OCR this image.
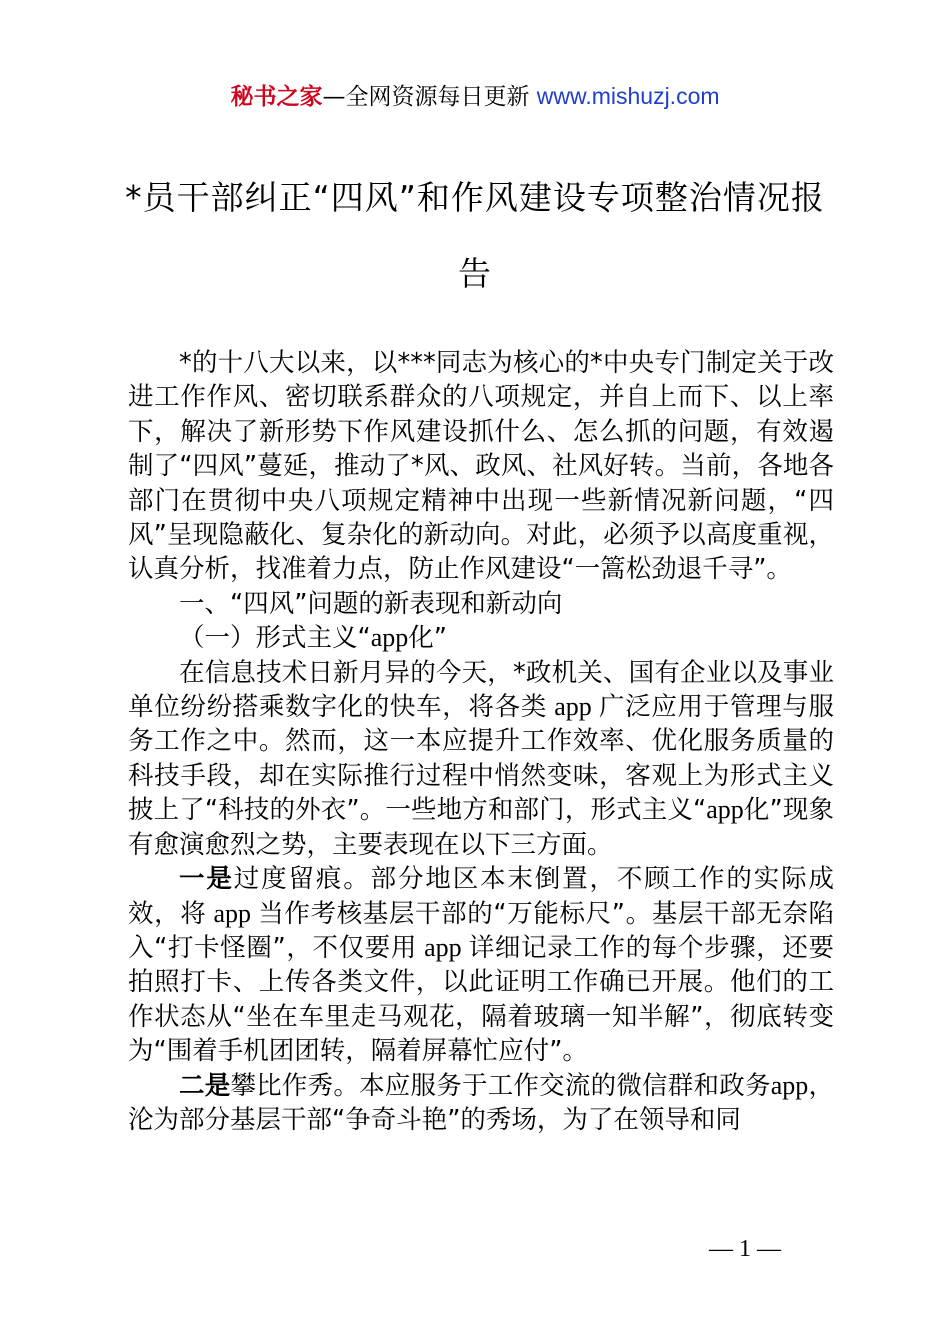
秘书之家—全网资源每日更新 www.mishuzj.com
*员干部纠正“四风”和作风建设专项整治情况报告

*的十八大以来，以***同志为核心的*中央专门制定关于改进工作作风、密切联系群众的八项规定，并自上而下、以上率下，解决了新形势下作风建设抓什么、怎么抓的问题，有效遏制了“四风”蔓延，推动了*风、政风、社风好转。当前，各地各部门在贯彻中央八项规定精神中出现一些新情况新问题，“四风”呈现隐蔽化、复杂化的新动向。对此，必须予以高度重视，认真分析，找准着力点，防止作风建设“一篙松劲退千寻”。

一、“四风”问题的新表现和新动向

（一）形式主义“app化”

在信息技术日新月异的今天，*政机关、国有企业以及事业单位纷纷搭乘数字化的快车，将各类 app 广泛应用于管理与服务工作之中。然而，这一本应提升工作效率、优化服务质量的科技手段，却在实际推行过程中悄然变味，客观上为形式主义披上了“科技的外衣”。一些地方和部门，形式主义“app化”现象有愈演愈烈之势，主要表现在以下三方面。

一是过度留痕。部分地区本末倒置，不顾工作的实际成效，将 app 当作考核基层干部的“万能标尺”。基层干部无奈陷入“打卡怪圈”，不仅要用 app 详细记录工作的每个步骤，还要拍照打卡、上传各类文件，以此证明工作确已开展。他们的工作状态从“坐在车里走马观花，隔着玻璃一知半解”，彻底转变为“围着手机团团转，隔着屏幕忙应付”。

二是攀比作秀。本应服务于工作交流的微信群和政务app，沦为部分基层干部“争奇斗艳”的秀场，为了在领导和同

— 1 —
